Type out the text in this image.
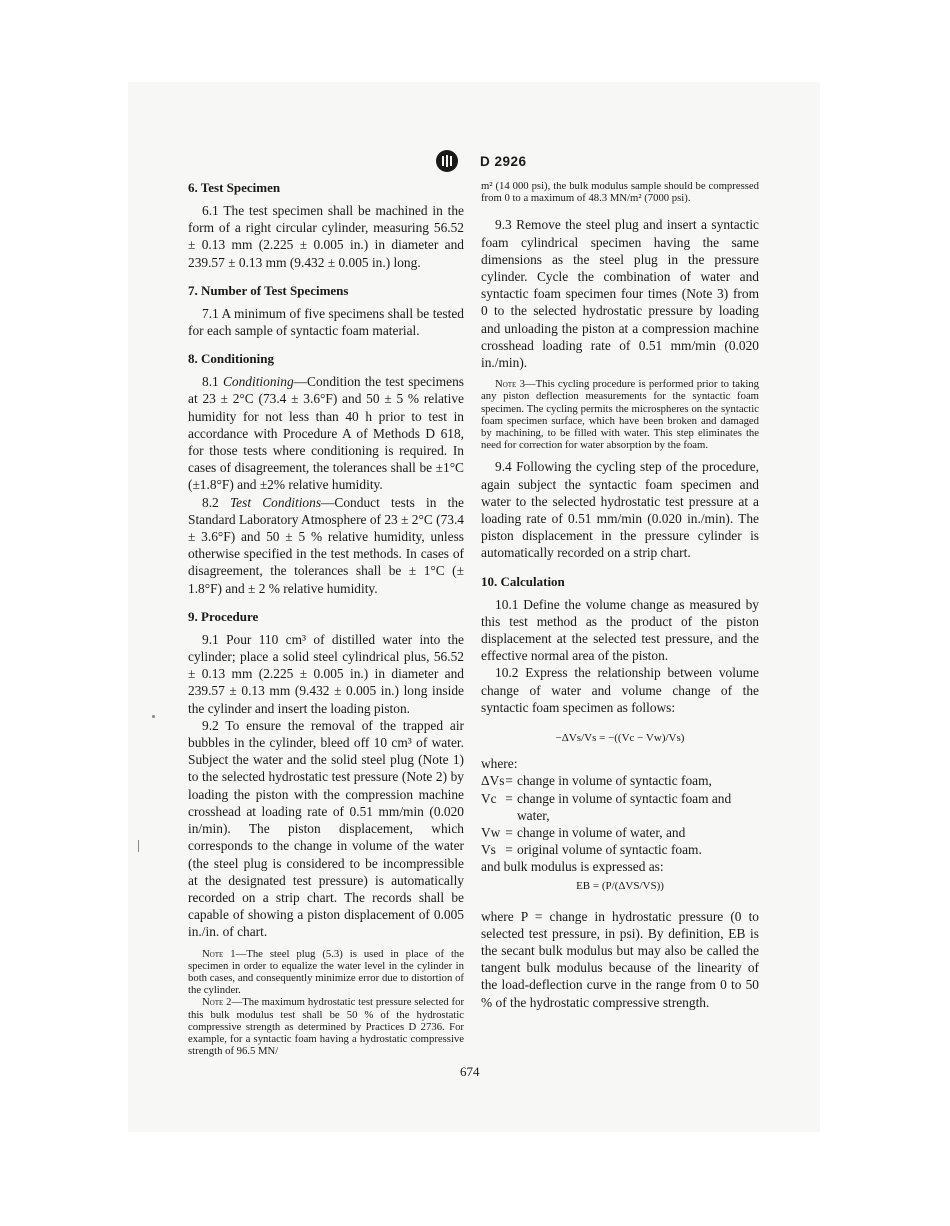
D 2926
6. Test Specimen

6.1 The test specimen shall be machined in the form of a right circular cylinder, measuring 56.52 ± 0.13 mm (2.225 ± 0.005 in.) in diameter and 239.57 ± 0.13 mm (9.432 ± 0.005 in.) long.

7. Number of Test Specimens

7.1 A minimum of five specimens shall be tested for each sample of syntactic foam material.

8. Conditioning

8.1 Conditioning—Condition the test specimens at 23 ± 2°C (73.4 ± 3.6°F) and 50 ± 5 % relative humidity for not less than 40 h prior to test in accordance with Procedure A of Methods D 618, for those tests where conditioning is required. In cases of disagreement, the tolerances shall be ±1°C (±1.8°F) and ±2% relative humidity.

8.2 Test Conditions—Conduct tests in the Standard Laboratory Atmosphere of 23 ± 2°C (73.4 ± 3.6°F) and 50 ± 5 % relative humidity, unless otherwise specified in the test methods. In cases of disagreement, the tolerances shall be ± 1°C (± 1.8°F) and ± 2 % relative humidity.

9. Procedure

9.1 Pour 110 cm³ of distilled water into the cylinder; place a solid steel cylindrical plus, 56.52 ± 0.13 mm (2.225 ± 0.005 in.) in diameter and 239.57 ± 0.13 mm (9.432 ± 0.005 in.) long inside the cylinder and insert the loading piston.

9.2 To ensure the removal of the trapped air bubbles in the cylinder, bleed off 10 cm³ of water. Subject the water and the solid steel plug (Note 1) to the selected hydrostatic test pressure (Note 2) by loading the piston with the compression machine crosshead at loading rate of 0.51 mm/min (0.020 in/min). The piston displacement, which corresponds to the change in volume of the water (the steel plug is considered to be incompressible at the designated test pressure) is automatically recorded on a strip chart. The records shall be capable of showing a piston displacement of 0.005 in./in. of chart.

Note 1—The steel plug (5.3) is used in place of the specimen in order to equalize the water level in the cylinder in both cases, and consequently minimize error due to distortion of the cylinder.

Note 2—The maximum hydrostatic test pressure selected for this bulk modulus test shall be 50 % of the hydrostatic compressive strength as determined by Practices D 2736. For example, for a syntactic foam having a hydrostatic compressive strength of 96.5 MN/

m² (14 000 psi), the bulk modulus sample should be compressed from 0 to a maximum of 48.3 MN/m² (7000 psi).

9.3 Remove the steel plug and insert a syntactic foam cylindrical specimen having the same dimensions as the steel plug in the pressure cylinder. Cycle the combination of water and syntactic foam specimen four times (Note 3) from 0 to the selected hydrostatic pressure by loading and unloading the piston at a compression machine crosshead loading rate of 0.51 mm/min (0.020 in./min).

Note 3—This cycling procedure is performed prior to taking any piston deflection measurements for the syntactic foam specimen. The cycling permits the microspheres on the syntactic foam specimen surface, which have been broken and damaged by machining, to be filled with water. This step eliminates the need for correction for water absorption by the foam.

9.4 Following the cycling step of the procedure, again subject the syntactic foam specimen and water to the selected hydrostatic test pressure at a loading rate of 0.51 mm/min (0.020 in./min). The piston displacement in the pressure cylinder is automatically recorded on a strip chart.

10. Calculation

10.1 Define the volume change as measured by this test method as the product of the piston displacement at the selected test pressure, and the effective normal area of the piston.

10.2 Express the relationship between volume change of water and volume change of the syntactic foam specimen as follows:

−ΔVs/Vs = −((Vc − Vw)/Vs)

where:

ΔVs = change in volume of syntactic foam,
Vc = change in volume of syntactic foam and water,
Vw = change in volume of water, and
Vs = original volume of syntactic foam.

and bulk modulus is expressed as:

EB = (P/(ΔVS/VS))

where P = change in hydrostatic pressure (0 to selected test pressure, in psi). By definition, EB is the secant bulk modulus but may also be called the tangent bulk modulus because of the linearity of the load-deflection curve in the range from 0 to 50 % of the hydrostatic compressive strength.

674
